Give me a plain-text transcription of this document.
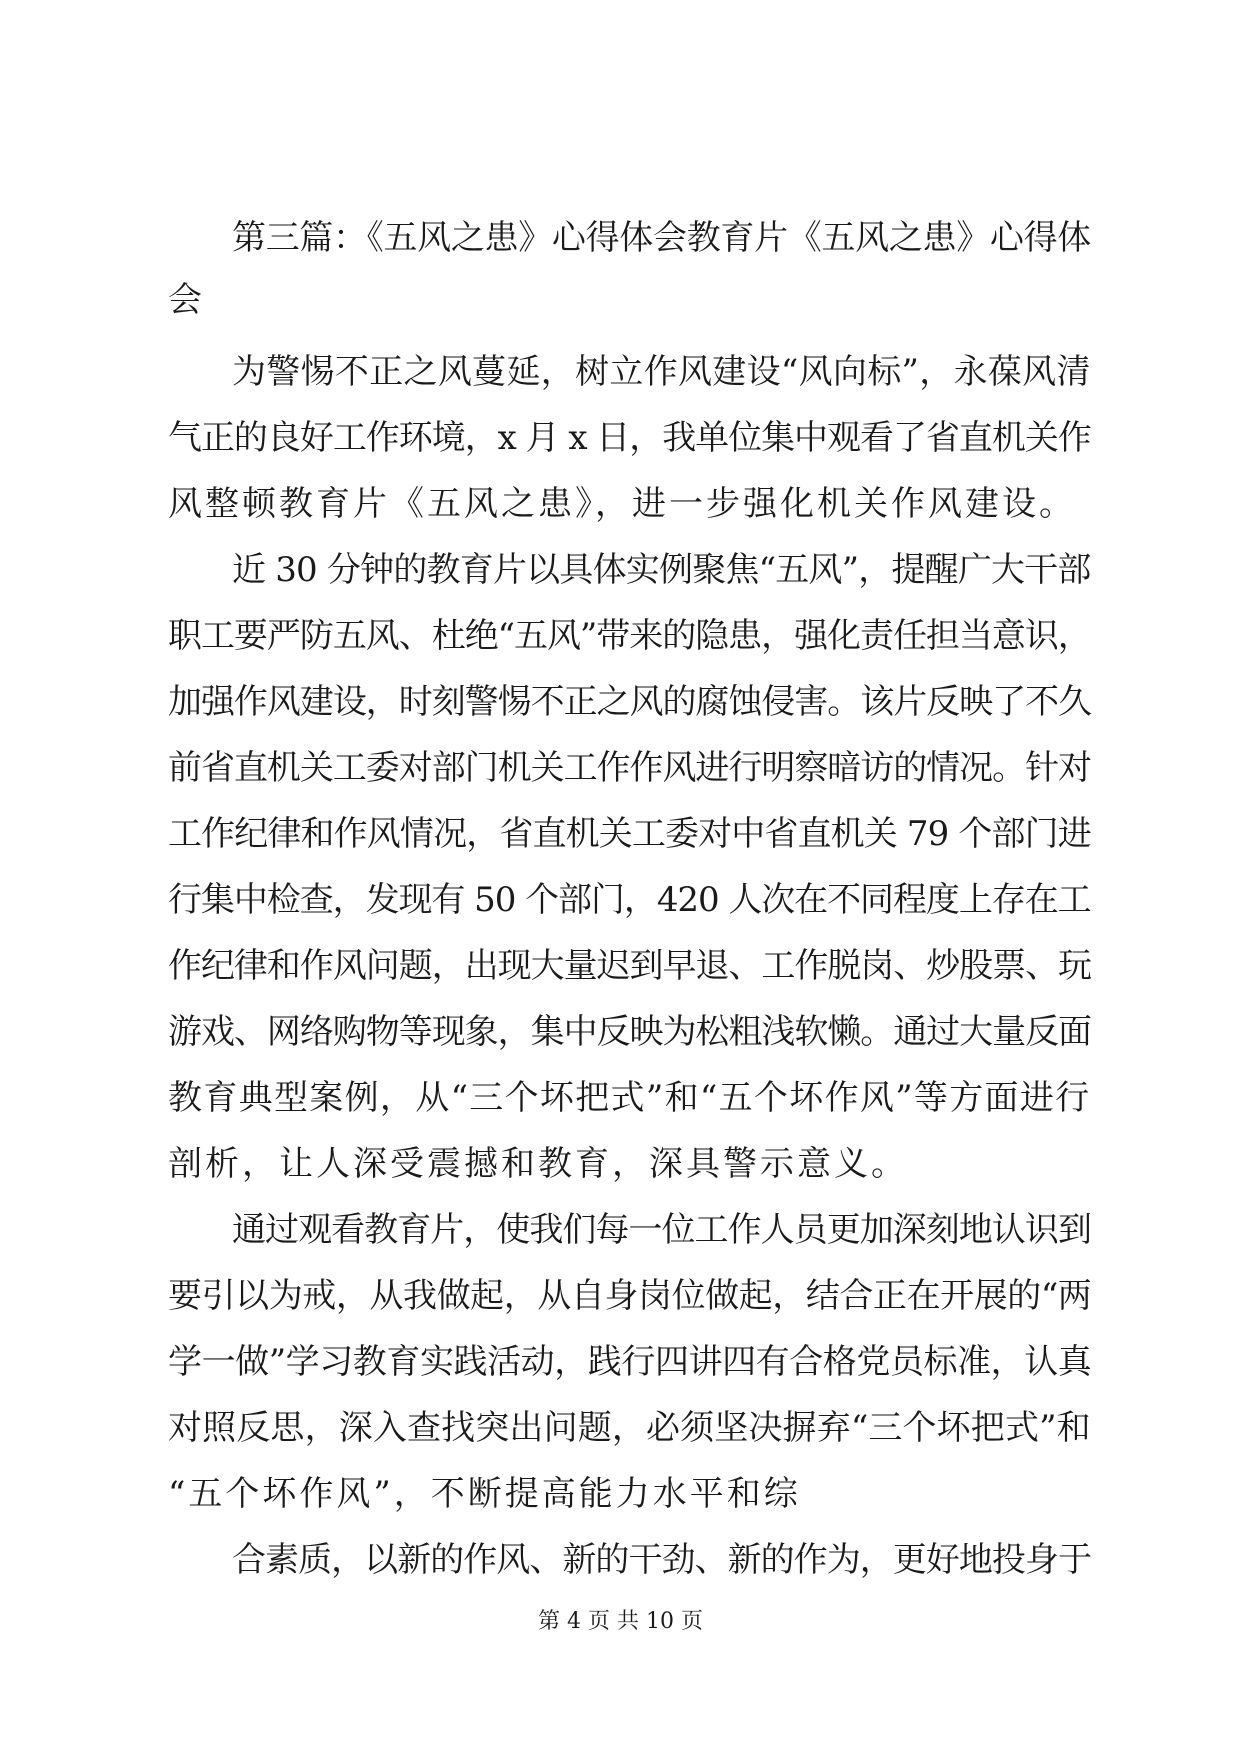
第三篇：《五风之患》心得体会教育片《五风之患》心得体
会
为警惕不正之风蔓延，树立作风建设“风向标”，永葆风清
气正的良好工作环境，x 月 x 日，我单位集中观看了省直机关作
风整顿教育片《五风之患》，进一步强化机关作风建设。
近 30 分钟的教育片以具体实例聚焦“五风”，提醒广大干部
职工要严防五风、杜绝“五风”带来的隐患，强化责任担当意识，
加强作风建设，时刻警惕不正之风的腐蚀侵害。该片反映了不久
前省直机关工委对部门机关工作作风进行明察暗访的情况。针对
工作纪律和作风情况，省直机关工委对中省直机关 79 个部门进
行集中检查，发现有 50 个部门，420 人次在不同程度上存在工
作纪律和作风问题，出现大量迟到早退、工作脱岗、炒股票、玩
游戏、网络购物等现象，集中反映为松粗浅软懒。通过大量反面
教育典型案例，从“三个坏把式”和“五个坏作风”等方面进行
剖析，让人深受震撼和教育，深具警示意义。
通过观看教育片，使我们每一位工作人员更加深刻地认识到
要引以为戒，从我做起，从自身岗位做起，结合正在开展的“两
学一做”学习教育实践活动，践行四讲四有合格党员标准，认真
对照反思，深入查找突出问题，必须坚决摒弃“三个坏把式”和
“五个坏作风”，不断提高能力水平和综
合素质，以新的作风、新的干劲、新的作为，更好地投身于
第 4 页 共 10 页
